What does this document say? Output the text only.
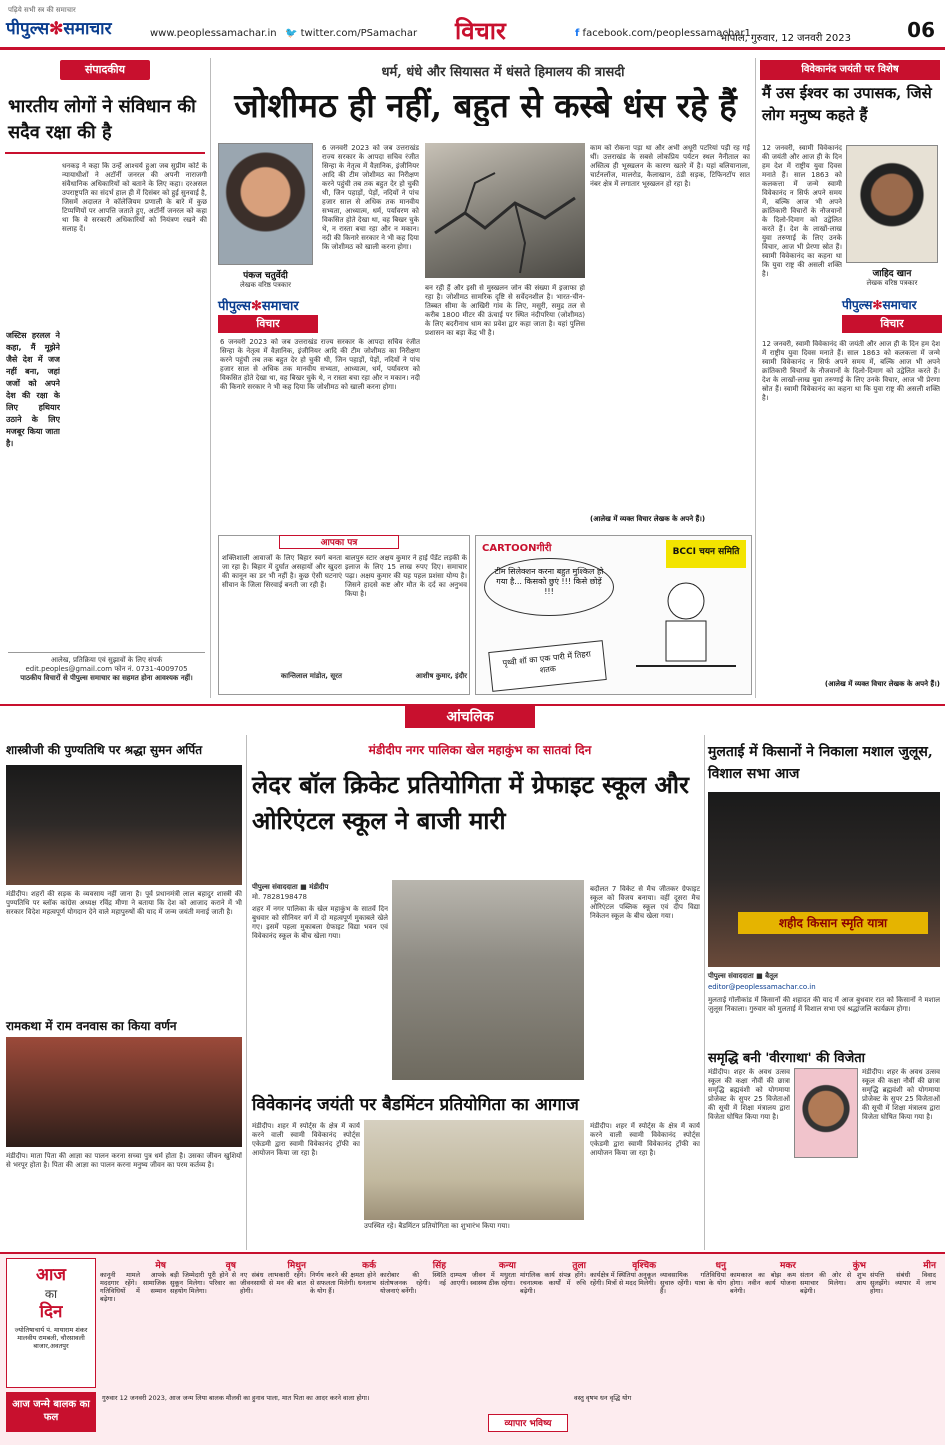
पढ़िये सभी स्त्र की समाचार
पीपुल्स✻समाचार	www.peoplessamachar.in 🐦 twitter.com/PSamachar विचार	f facebook.com/peoplessamachar1
भोपाल, गुरुवार, 12 जनवरी 2023	06
संपादकीय
भारतीय लोगों ने संविधान की सदैव रक्षा की है
धनकड़ ने कहा कि उन्हें आश्चर्य हुआ जब सुप्रीम कोर्ट के न्यायाधीशों ने अटॉर्नी जनरल की अपनी नाराजगी संवैधानिक अधिकारियों को बताने के लिए कहा। दरअसल उपराष्ट्रपति का संदर्भ हाल ही में दिसंबर को हुई सुनवाई है, जिसमें अदालत ने कॉलेजियम प्रणाली के बारे में कुछ टिप्पणियों पर आपत्ति जताते हुए, अटॉर्नी जनरल को कहा था कि वे सरकारी अधिकारियों को नियंत्रण रखने की सलाह दें।
जस्टिस हरलल ने कहा, मैं मूझेने जैसे देश में जज नहीं बना, जहां जजों को अपने देश की रक्षा के लिए हथियार उठाने के लिए मजबूर किया जाता है।
आलेख, प्रतिक्रिया एवं सुझावों के लिए संपर्क
edit.peoples@gmail.com फोन नं. 0731-4009705
पाठकीय विचारों से पीपुल्स समाचार का सहमत होना आवश्यक नहीं।
धर्म, धंधे और सियासत में धंसते हिमालय की त्रासदी
जोशीमठ ही नहीं, बहुत से कस्बे धंस रहे हैं
पंकज चतुर्वेदी
लेखक वरिष्ठ पत्रकार
पीपुल्स✻समाचार
विचार
6 जनवरी 2023 को जब उत्तराखंड राज्य सरकार के आपदा सचिव रंजीत सिन्हा के नेतृत्व में वैज्ञानिक, इंजीनियर आदि की टीम जोशीमठ का निरीक्षण करने पहुंची तब तक बहुत देर हो चुकी थी, जिन पहाड़ों, पेड़ों, नदियों ने पांच हजार साल से अधिक तक मानवीय सभ्यता, आध्यात्म, धर्म, पर्यावरण को विकसित होते देखा था, वह बिखर चुके थे, न रास्ता बचा रहा और न मकान। नदी की किनारे सरकार ने भी कह दिया कि जोशीमठ को खाली करना होगा।
6 जनवरी 2023 को जब उत्तराखंड राज्य सरकार के आपदा सचिव रंजीत सिन्हा के नेतृत्व में वैज्ञानिक, इंजीनियर आदि की टीम जोशीमठ का निरीक्षण करने पहुंची तब तक बहुत देर हो चुकी थी, जिन पहाड़ों, पेड़ों, नदियों ने पांच हजार साल से अधिक तक मानवीय सभ्यता, आध्यात्म, धर्म, पर्यावरण को विकसित होते देखा था, वह बिखर चुके थे, न रास्ता बचा रहा और न मकान। नदी की किनारे सरकार ने भी कह दिया कि जोशीमठ को खाली करना होगा।
बन रही हैं और इसी से मुस्खलन जोन की संख्या में इजाफा हो रहा है। जोशीमठ सामरिक दृष्टि से सर्वेदनशील है। भारत-चीन-तिब्बत सीमा के आखिरी गांव के लिए, मसूरी, समुद्र तल से करीब 1800 मीटर की ऊंचाई पर स्थित नंदीपरिया (जोशीमठ) के लिए बदरीनाथ धाम का प्रवेश द्वार कहा जाता है। यहां पुलिस प्रशासन का बड़ा केंद्र भी है।
काम को रोकना पड़ा था और अभी अधूरी पटरियां पड़ी रह गई थीं। उत्तराखंड के सबसे लोकप्रिय पर्यटन स्थल नैनीताल का अस्तित्व ही भूस्खलन के कारण खतरे में है। यहां बलियानाला, चार्टनलॉज, मालरोड, कैलाखान, ठंडी सड़क, टिफिनटॉप सात नंबर क्षेत्र में लगातार भूस्खलन हो रहा है।
(आलेख में व्यक्त विचार लेखक के अपने हैं।)
आपका पत्र
शक्तिशाली आवाजों के लिए बिहार स्वर्ग बनता जा रहा है। बिहार में दुर्घात असहायों और खुदरा की कानून का डर भी नहीं है। कुछ ऐसी घटनाएं सीवान के जिला सिरवाई बनती जा रही हैं।
कान्तिलाल मांडोत, सूरत
बालपुरु स्टार अक्षय कुमार ने हाई पेंडेंट लड़की के इलाज के लिए 15 लाख रुपए दिए। समाचार पढ़ा। अक्षय कुमार की यह पहल प्रशंसा योग्य है। जिसने हादसे कष्ट और मौत के दर्द का अनुभव किया है।
आशीष कुमार, इंदौर
CARTOONगीरी
टीम सिलेक्शन करना बहुत मुश्किल हो गया है... किसको छुएं !!! किसे छोड़ें !!!
BCCI चयन समिति
पृथ्वी शॉ का एक पारी में तिहरा शतक
विवेकानंद जयंती पर विशेष
मैं उस ईश्वर का उपासक, जिसे लोग मनुष्य कहते हैं
जाहिद खान
लेखक वरिष्ठ पत्रकार
पीपुल्स✻समाचार
विचार
12 जनवरी, स्वामी विवेकानंद की जयंती और आज ही के दिन हम देश में राष्ट्रीय युवा दिवस मनाते हैं। साल 1863 को कलकत्ता में जन्मे स्वामी विवेकानंद न सिर्फ अपने समय में, बल्कि आज भी अपने क्रांतिकारी विचारों के नौजवानों के दिलो-दिमाग को उद्वेलित करते हैं। देश के लाखों-लाख युवा तरुणाई के लिए उनके विचार, आज भी प्रेरणा स्रोत हैं। स्वामी विवेकानंद का कहना था कि युवा राष्ट्र की असली शक्ति है।
12 जनवरी, स्वामी विवेकानंद की जयंती और आज ही के दिन हम देश में राष्ट्रीय युवा दिवस मनाते हैं। साल 1863 को कलकत्ता में जन्मे स्वामी विवेकानंद न सिर्फ अपने समय में, बल्कि आज भी अपने क्रांतिकारी विचारों के नौजवानों के दिलो-दिमाग को उद्वेलित करते हैं। देश के लाखों-लाख युवा तरुणाई के लिए उनके विचार, आज भी प्रेरणा स्रोत हैं। स्वामी विवेकानंद का कहना था कि युवा राष्ट्र की असली शक्ति है।
(आलेख में व्यक्त विचार लेखक के अपने हैं।)
आंचलिक
शास्त्रीजी की पुण्यतिथि पर श्रद्धा सुमन अर्पित
मंडीदीप। शहरों की सड़क के व्यवसाय नहीं जाना है। पूर्व प्रधानमंत्री लाल बहादुर शास्त्री की पुण्यतिथि पर ब्लॉक कांग्रेस अध्यक्ष रविंद्र मीणा ने बताया कि देश को आजाद कराने में भी सरकार विदेश महत्वपूर्ण योगदान देने वाले महापुरुषों की याद में जन्म जयंती मनाई जाती है।
रामकथा में राम वनवास का किया वर्णन
मंडीदीप। माता पिता की आज्ञा का पालन करना सच्चा पुत्र धर्म होता है। उसका जीवन खुशियों से भरपूर होता है। पिता की आज्ञा का पालन करना मनुष्य जीवन का परम कर्तव्य है।
मंडीदीप नगर पालिका खेल महाकुंभ का सातवां दिन
लेदर बॉल क्रिकेट प्रतियोगिता में ग्रेफाइट स्कूल और ओरिएंटल स्कूल ने बाजी मारी
पीपुल्स संवाददाता ■ मंडीदीप
मो. 7828198478
शहर में नगर पालिका के खेल महाकुंभ के सातवें दिन बुधवार को सीनियर वर्ग में दो महत्वपूर्ण मुकाबले खेले गए। इसमें पहला मुकाबला ग्रेफाइट विद्या भवन एवं विवेकानंद स्कूल के बीच खेला गया।
बदौलत 7 विकेट से मैच जीतकर ग्रेफाइट स्कूल को विजय बनाया। वहीं दूसरा मैच ओरिएंटल पब्लिक स्कूल एवं दीप विद्या निकेतन स्कूल के बीच खेला गया।
विवेकानंद जयंती पर बैडमिंटन प्रतियोगिता का आगाज
मंडीदीप। शहर में स्पोर्ट्स के क्षेत्र में कार्य करने वाली स्वामी विवेकानंद स्पोर्ट्स एकेडमी द्वारा स्वामी विवेकानंद ट्रॉफी का आयोजन किया जा रहा है।
उपस्थित रहे। बैडमिंटन प्रतियोगिता का शुभारंभ किया गया।
मंडीदीप। शहर में स्पोर्ट्स के क्षेत्र में कार्य करने वाली स्वामी विवेकानंद स्पोर्ट्स एकेडमी द्वारा स्वामी विवेकानंद ट्रॉफी का आयोजन किया जा रहा है।
मुलताई में किसानों ने निकाला मशाल जुलूस, विशाल सभा आज
शहीद किसान स्मृति यात्रा
पीपुल्स संवाददाता ■ बैतूल
editor@peoplessamachar.co.in
मुलताई गोलीकांड में किसानों की शहादत की याद में आज बुधवार रात को किसानों ने मशाल जुलूस निकाला। गुरुवार को मुलताई में विशाल सभा एवं श्रद्धांजलि कार्यक्रम होगा।
समृद्धि बनी 'वीरगाथा' की विजेता
मंडीदीप। शहर के अवध उत्सव स्कूल की कक्षा नौवीं की छात्रा समृद्धि ब्रह्मवंशी को योगमाया प्रोजेक्ट के सुपर 25 विजेताओं की सूची में शिक्षा मंत्रालय द्वारा विजेता घोषित किया गया है।
मंडीदीप। शहर के अवध उत्सव स्कूल की कक्षा नौवीं की छात्रा समृद्धि ब्रह्मवंशी को योगमाया प्रोजेक्ट के सुपर 25 विजेताओं की सूची में शिक्षा मंत्रालय द्वारा विजेता घोषित किया गया है।
आज
का
दिन
ज्योतिषाचार्य पं. मायाराम शंकर मालवीय रामबली, चौरसावली बाजार,अवतपुर
मेष
कानूनी मामले आपके मददगार रहेंगे। सामाजिक गतिविधियों में सम्मान बढ़ेगा।
वृष
बड़ी जिम्मेदारी पूरी होने से सुकून मिलेगा। परिवार का सहयोग मिलेगा।
मिथुन
नए संबंध लाभकारी रहेंगे। जीवनसाथी से मन की बात होगी।
कर्क
निर्णय करने की क्षमता होने से सफलता मिलेगी। धनलाभ के योग हैं।
सिंह
कारोबार की स्थिति संतोषजनक रहेगी। नई योजनाएं बनेंगी।
कन्या
दाम्पत्य जीवन में मधुरता आएगी। स्वास्थ्य ठीक रहेगा।
तुला
मांगलिक कार्य संपन्न होंगे। रचनात्मक कार्यों में रुचि बढ़ेगी।
वृश्चिक
कार्यक्षेत्र में स्थितियां अनुकूल रहेंगी। मित्रों से मदद मिलेगी।
धनु
व्यावसायिक गतिविधियां सुचारु रहेंगी। यात्रा के योग हैं।
मकर
कामकाज का बोझ कम होगा। नवीन कार्य योजना बनेगी।
कुंभ
संतान की ओर से शुभ समाचार मिलेगा। आय बढ़ेगी।
मीन
संपत्ति संबंधी विवाद सुलझेंगे। व्यापार में लाभ होगा।
आज जन्मे बालक का फल
गुरुवार 12 जनवरी 2023, आज जन्म लिया बालक मौलवी का हुनाव पाला, मात पिता का आदर करने वाला होगा।
व्यापार भविष्य
वस्तु वृषभ धन वृद्धि योग
